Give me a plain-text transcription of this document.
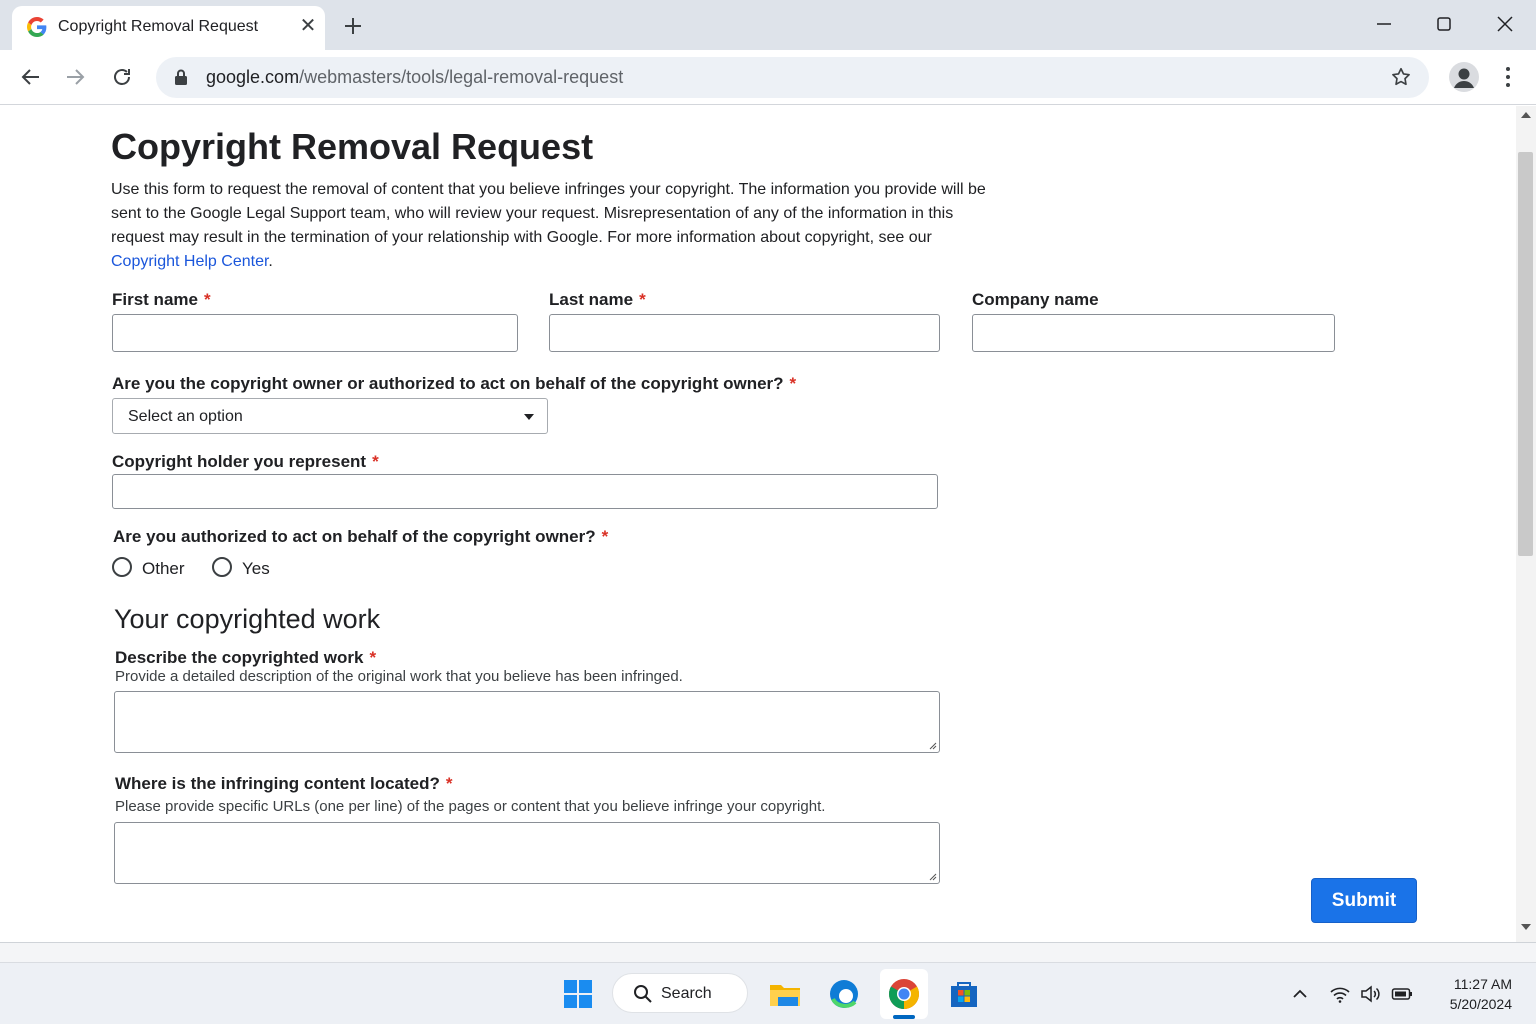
Copyright Removal Request ✕
google.com/webmasters/tools/legal-removal-request
Copyright Removal Request

Use this form to request the removal of content that you believe infringes your copyright. The information you provide will be sent to the Google Legal Support team, who will review your request. Misrepresentation of any of the information in this request may result in the termination of your relationship with Google. For more information about copyright, see our Copyright Help Center.

First name *	Last name *	Company name
Are you the copyright owner or authorized to act on behalf of the copyright owner? *
Select an option
Copyright holder you represent *
Are you authorized to act on behalf of the copyright owner? *
Other	Yes
Your copyrighted work
Describe the copyrighted work *
Provide a detailed description of the original work that you believe has been infringed.
Where is the infringing content located? *
Please provide specific URLs (one per line) of the pages or content that you believe infringe your copyright.
Submit
Search
11:27 AM
5/20/2024
